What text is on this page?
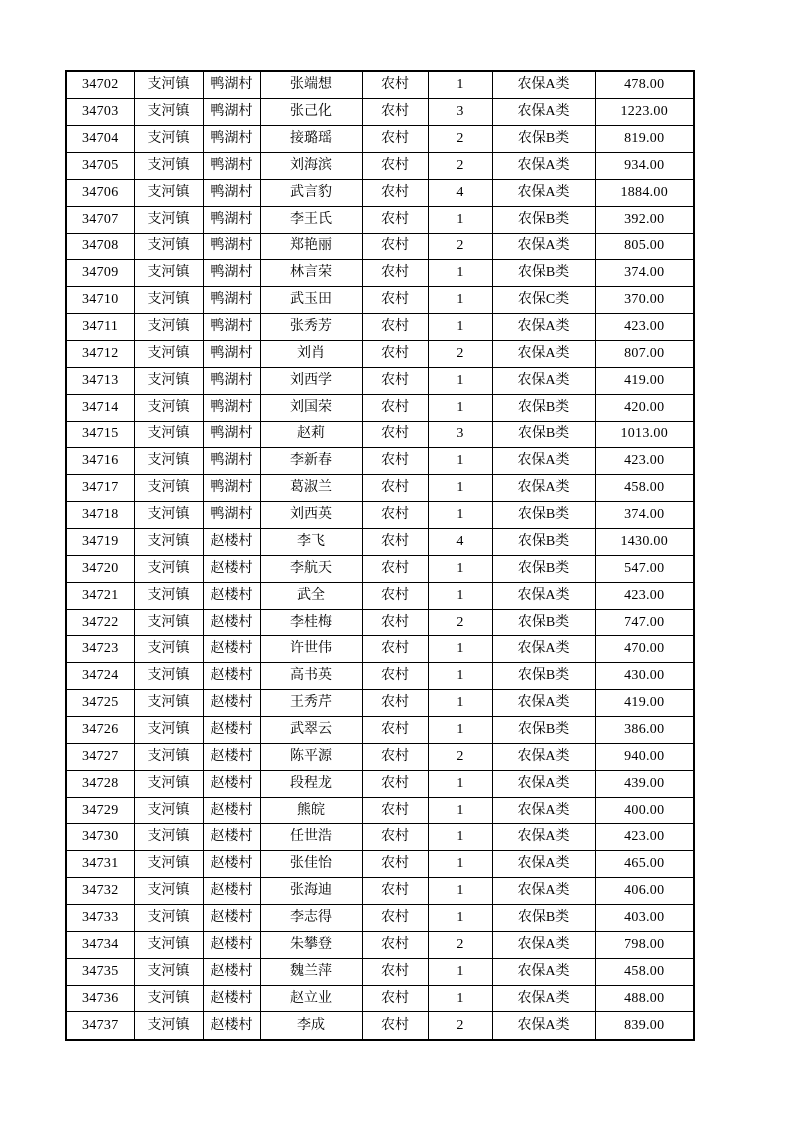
34702	支河镇	鸭湖村	张端想	农村	1	农保A类	478.00
34703	支河镇	鸭湖村	张己化	农村	3	农保A类	1223.00
34704	支河镇	鸭湖村	接璐瑶	农村	2	农保B类	819.00
34705	支河镇	鸭湖村	刘海滨	农村	2	农保A类	934.00
34706	支河镇	鸭湖村	武言豹	农村	4	农保A类	1884.00
34707	支河镇	鸭湖村	李王氏	农村	1	农保B类	392.00
34708	支河镇	鸭湖村	郑艳丽	农村	2	农保A类	805.00
34709	支河镇	鸭湖村	林言荣	农村	1	农保B类	374.00
34710	支河镇	鸭湖村	武玉田	农村	1	农保C类	370.00
34711	支河镇	鸭湖村	张秀芳	农村	1	农保A类	423.00
34712	支河镇	鸭湖村	刘肖	农村	2	农保A类	807.00
34713	支河镇	鸭湖村	刘西学	农村	1	农保A类	419.00
34714	支河镇	鸭湖村	刘国荣	农村	1	农保B类	420.00
34715	支河镇	鸭湖村	赵莉	农村	3	农保B类	1013.00
34716	支河镇	鸭湖村	李新春	农村	1	农保A类	423.00
34717	支河镇	鸭湖村	葛淑兰	农村	1	农保A类	458.00
34718	支河镇	鸭湖村	刘西英	农村	1	农保B类	374.00
34719	支河镇	赵楼村	李飞	农村	4	农保B类	1430.00
34720	支河镇	赵楼村	李航天	农村	1	农保B类	547.00
34721	支河镇	赵楼村	武全	农村	1	农保A类	423.00
34722	支河镇	赵楼村	李桂梅	农村	2	农保B类	747.00
34723	支河镇	赵楼村	许世伟	农村	1	农保A类	470.00
34724	支河镇	赵楼村	高书英	农村	1	农保B类	430.00
34725	支河镇	赵楼村	王秀芹	农村	1	农保A类	419.00
34726	支河镇	赵楼村	武翠云	农村	1	农保B类	386.00
34727	支河镇	赵楼村	陈平源	农村	2	农保A类	940.00
34728	支河镇	赵楼村	段程龙	农村	1	农保A类	439.00
34729	支河镇	赵楼村	熊皖	农村	1	农保A类	400.00
34730	支河镇	赵楼村	任世浩	农村	1	农保A类	423.00
34731	支河镇	赵楼村	张佳怡	农村	1	农保A类	465.00
34732	支河镇	赵楼村	张海迪	农村	1	农保A类	406.00
34733	支河镇	赵楼村	李志得	农村	1	农保B类	403.00
34734	支河镇	赵楼村	朱攀登	农村	2	农保A类	798.00
34735	支河镇	赵楼村	魏兰萍	农村	1	农保A类	458.00
34736	支河镇	赵楼村	赵立业	农村	1	农保A类	488.00
34737	支河镇	赵楼村	李成	农村	2	农保A类	839.00
